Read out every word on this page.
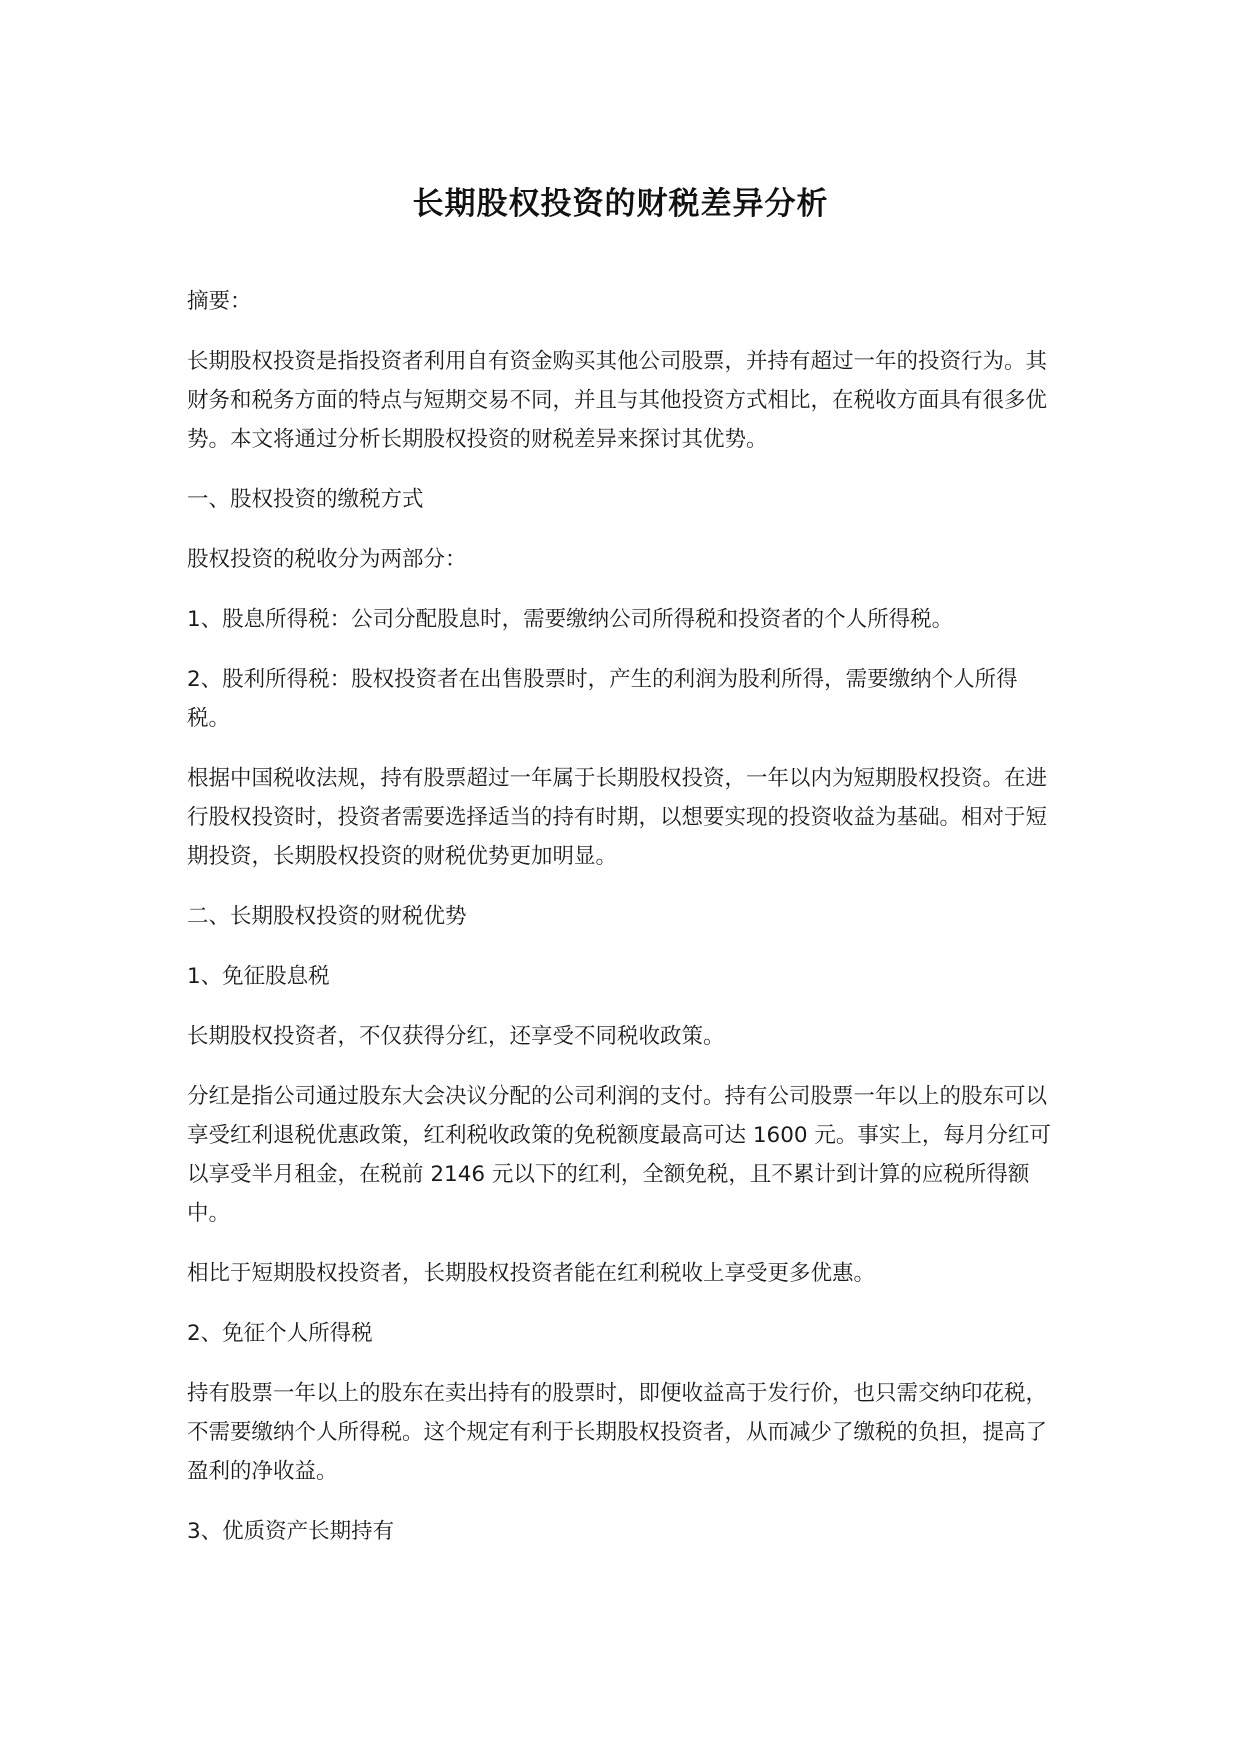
长期股权投资的财税差异分析

摘要：

长期股权投资是指投资者利用自有资金购买其他公司股票，并持有超过一年的投资行为。其财务和税务方面的特点与短期交易不同，并且与其他投资方式相比，在税收方面具有很多优势。本文将通过分析长期股权投资的财税差异来探讨其优势。

一、股权投资的缴税方式

股权投资的税收分为两部分：

1、股息所得税：公司分配股息时，需要缴纳公司所得税和投资者的个人所得税。

2、股利所得税：股权投资者在出售股票时，产生的利润为股利所得，需要缴纳个人所得税。

根据中国税收法规，持有股票超过一年属于长期股权投资，一年以内为短期股权投资。在进行股权投资时，投资者需要选择适当的持有时期，以想要实现的投资收益为基础。相对于短期投资，长期股权投资的财税优势更加明显。

二、长期股权投资的财税优势

1、免征股息税

长期股权投资者，不仅获得分红，还享受不同税收政策。

分红是指公司通过股东大会决议分配的公司利润的支付。持有公司股票一年以上的股东可以享受红利退税优惠政策，红利税收政策的免税额度最高可达 1600 元。事实上，每月分红可以享受半月租金，在税前 2146 元以下的红利，全额免税，且不累计到计算的应税所得额中。

相比于短期股权投资者，长期股权投资者能在红利税收上享受更多优惠。

2、免征个人所得税

持有股票一年以上的股东在卖出持有的股票时，即便收益高于发行价，也只需交纳印花税，不需要缴纳个人所得税。这个规定有利于长期股权投资者，从而减少了缴税的负担，提高了盈利的净收益。

3、优质资产长期持有
